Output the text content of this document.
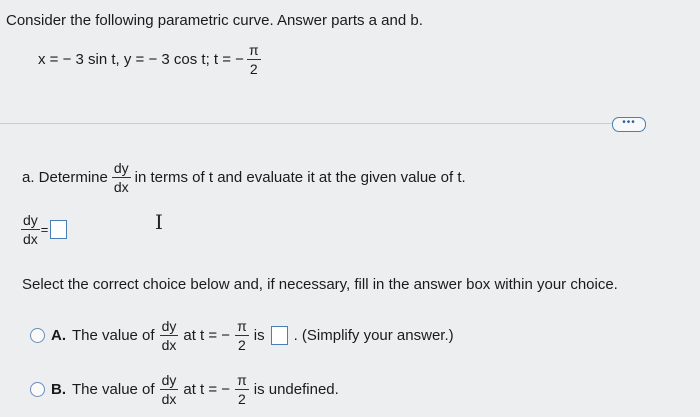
Consider the following parametric curve. Answer parts a and b.
x = − 3 sin t, y = − 3 cos t; t = − $\frac{\pi}{2}$
•••
a. Determine $\frac{dy}{dx}$ in terms of t and evaluate it at the given value of t.
$\frac{dy}{dx}$ =	I
Select the correct choice below and, if necessary, fill in the answer box within your choice.
A. The value of $\frac{dy}{dx}$ at t = − $\frac{\pi}{2}$ is . (Simplify your answer.)
B. The value of $\frac{dy}{dx}$ at t = − $\frac{\pi}{2}$ is undefined.
